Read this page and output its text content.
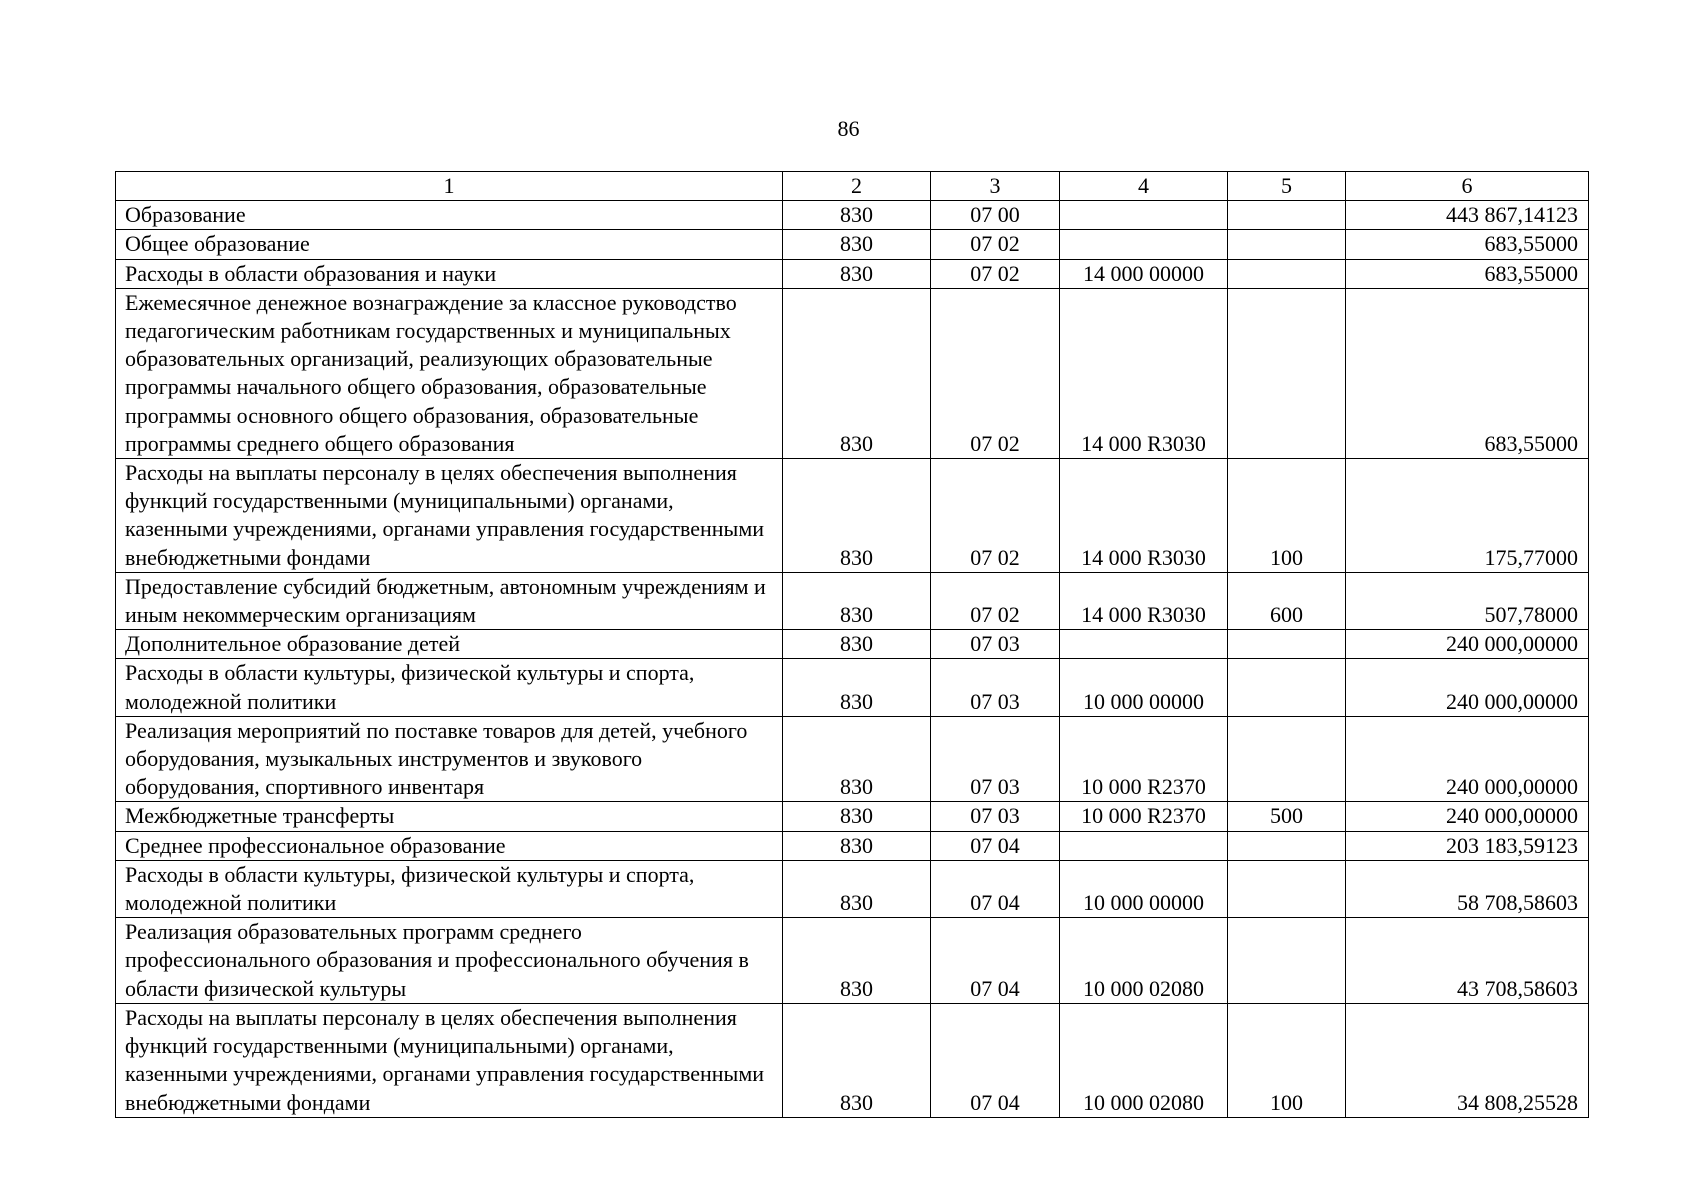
86
1	2	3	4	5	6
Образование	830	07 00			443 867,14123
Общее образование	830	07 02			683,55000
Расходы в области образования и науки	830	07 02	14 000 00000		683,55000
Ежемесячное денежное вознаграждение за классное руководство педагогическим работникам государственных и муниципальных образовательных организаций, реализующих образовательные программы начального общего образования, образовательные программы основного общего образования, образовательные программы среднего общего образования	830	07 02	14 000 R3030		683,55000
Расходы на выплаты персоналу в целях обеспечения выполнения функций государственными (муниципальными) органами, казенными учреждениями, органами управления государственными внебюджетными фондами	830	07 02	14 000 R3030	100	175,77000
Предоставление субсидий бюджетным, автономным учреждениям и иным некоммерческим организациям	830	07 02	14 000 R3030	600	507,78000
Дополнительное образование детей	830	07 03			240 000,00000
Расходы в области культуры, физической культуры и спорта, молодежной политики	830	07 03	10 000 00000		240 000,00000
Реализация мероприятий по поставке товаров для детей, учебного оборудования, музыкальных инструментов и звукового оборудования, спортивного инвентаря	830	07 03	10 000 R2370		240 000,00000
Межбюджетные трансферты	830	07 03	10 000 R2370	500	240 000,00000
Среднее профессиональное образование	830	07 04			203 183,59123
Расходы в области культуры, физической культуры и спорта, молодежной политики	830	07 04	10 000 00000		58 708,58603
Реализация образовательных программ среднего профессионального образования и профессионального обучения в области физической культуры	830	07 04	10 000 02080		43 708,58603
Расходы на выплаты персоналу в целях обеспечения выполнения функций государственными (муниципальными) органами, казенными учреждениями, органами управления государственными внебюджетными фондами	830	07 04	10 000 02080	100	34 808,25528
